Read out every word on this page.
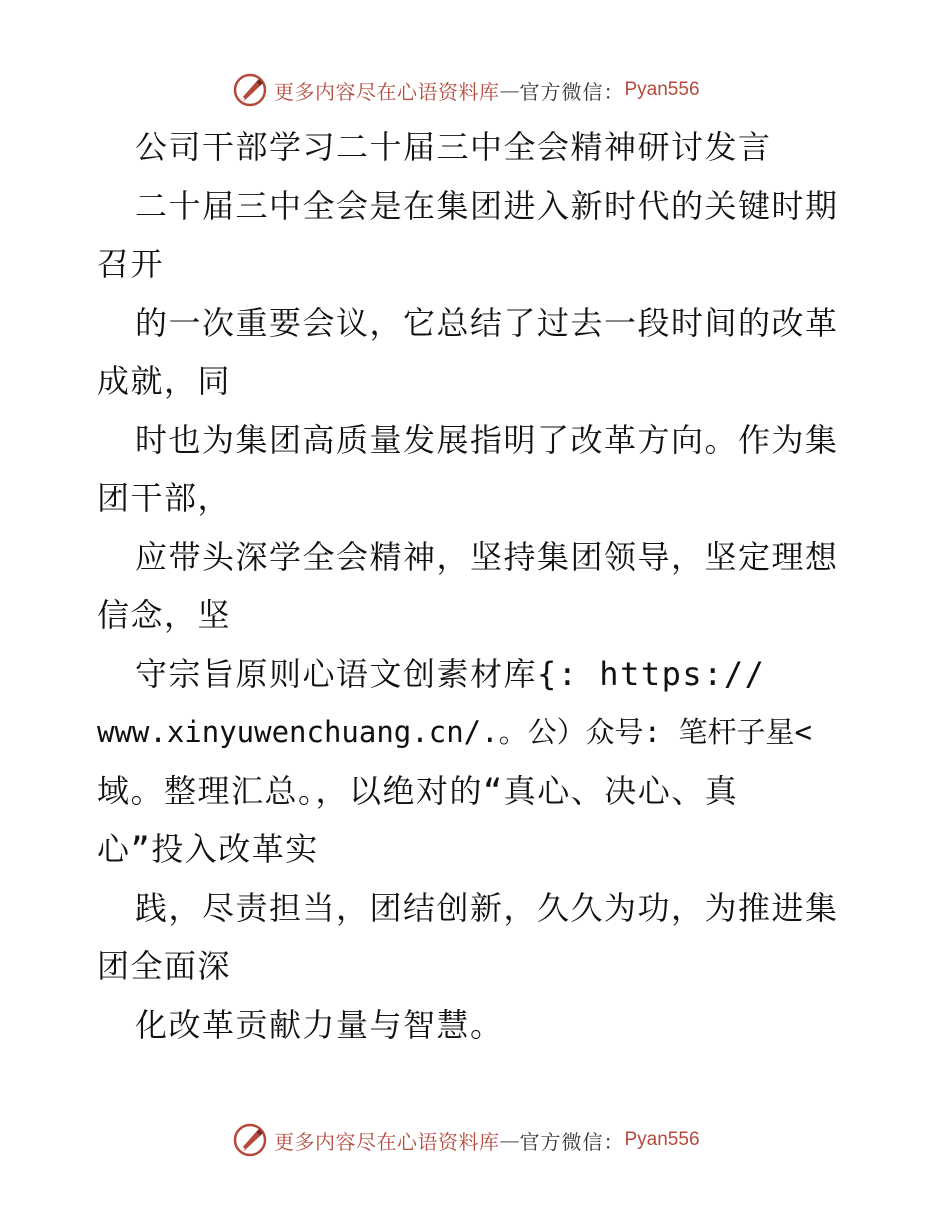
更多内容尽在心语资料库 — 官方微信： Pyan556
公司干部学习二十届三中全会精神研讨发言
二十届三中全会是在集团进入新时代的关键时期
召开
的一次重要会议，它总结了过去一段时间的改革
成就，同
时也为集团高质量发展指明了改革方向。作为集
团干部，
应带头深学全会精神，坚持集团领导，坚定理想
信念，坚
守宗旨原则心语文创素材库{: https://
www.xinyuwenchuang.cn/.。公）众号: 笔杆子星<
域。整理汇总。，以绝对的“真心、决心、真
心”投入改革实
践，尽责担当，团结创新，久久为功，为推进集
团全面深
化改革贡献力量与智慧。
更多内容尽在心语资料库 — 官方微信： Pyan556
